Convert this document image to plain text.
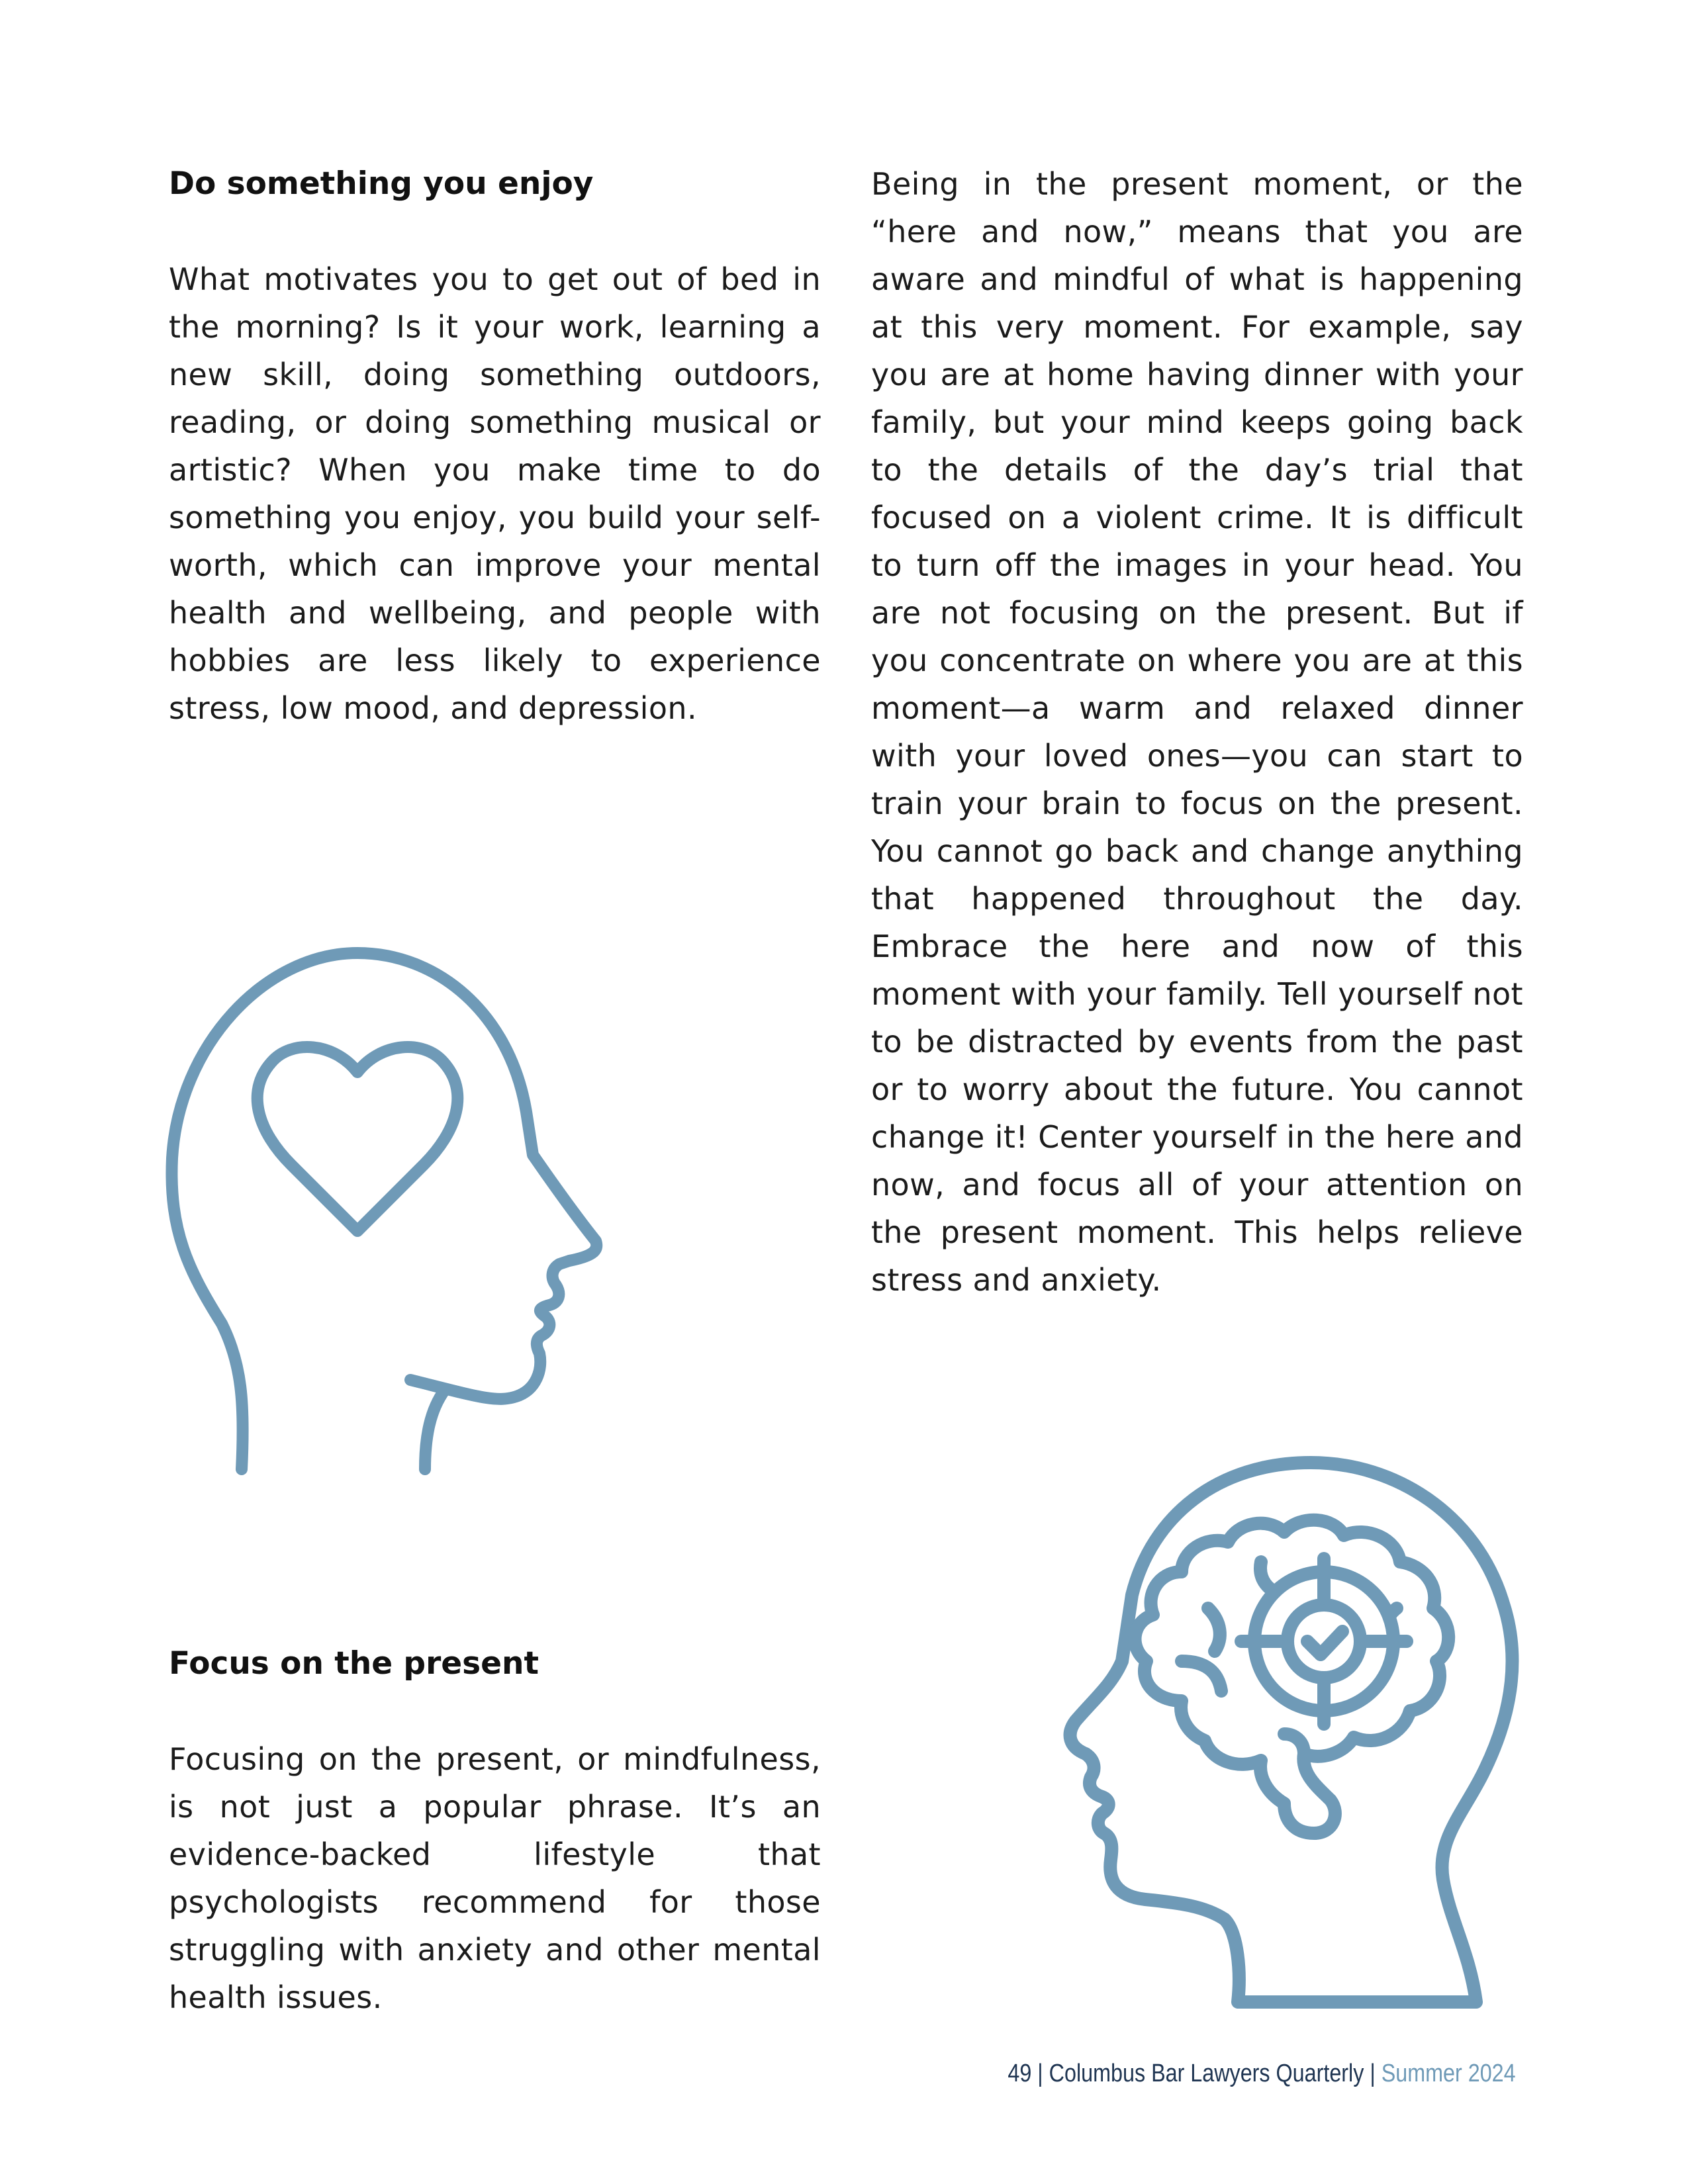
Do something you enjoy

What motivates you to get out of bed in the morning? Is it your work, learning a new skill, doing something outdoors, reading, or doing something musical or artistic? When you make time to do something you enjoy, you build your self-worth, which can improve your mental health and wellbeing, and people with hobbies are less likely to experience stress, low mood, and depression.

Being in the present moment, or the “here and now,” means that you are aware and mindful of what is happening at this very moment. For example, say you are at home having dinner with your family, but your mind keeps going back to the details of the day’s trial that focused on a violent crime. It is difficult to turn off the images in your head. You are not focusing on the present. But if you concentrate on where you are at this moment—a warm and relaxed dinner with your loved ones—you can start to train your brain to focus on the present. You cannot go back and change anything that happened throughout the day. Embrace the here and now of this moment with your family. Tell yourself not to be distracted by events from the past or to worry about the future. You cannot change it! Center yourself in the here and now, and focus all of your attention on the present moment. This helps relieve stress and anxiety.

Focus on the present

Focusing on the present, or mindfulness, is not just a popular phrase. It’s an evidence-backed lifestyle that psychologists recommend for those struggling with anxiety and other mental health issues.

49 | Columbus Bar Lawyers Quarterly | Summer 2024
